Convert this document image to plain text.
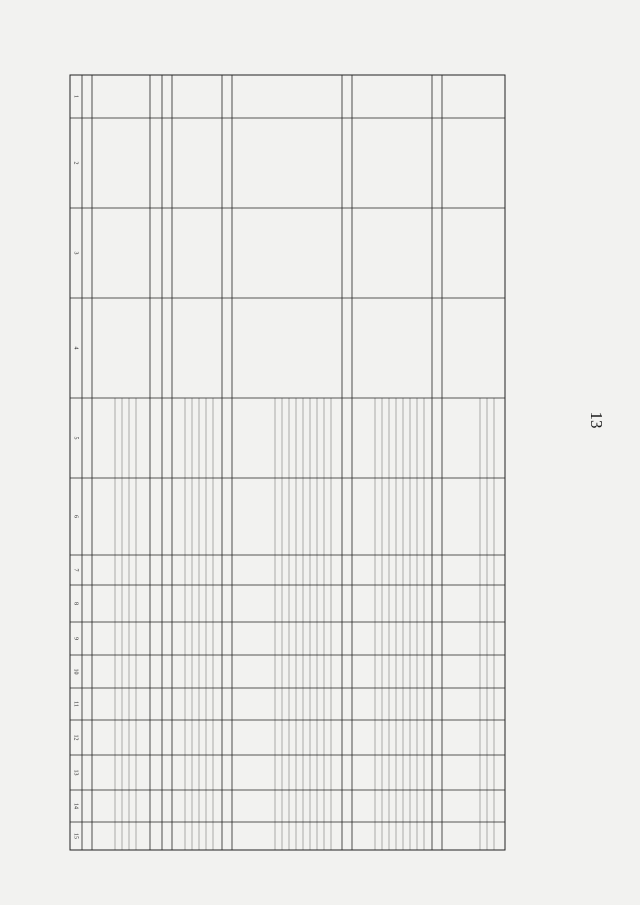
13
1
2
3
4
5
6
7
8
9
10
11
12
13
14
15
